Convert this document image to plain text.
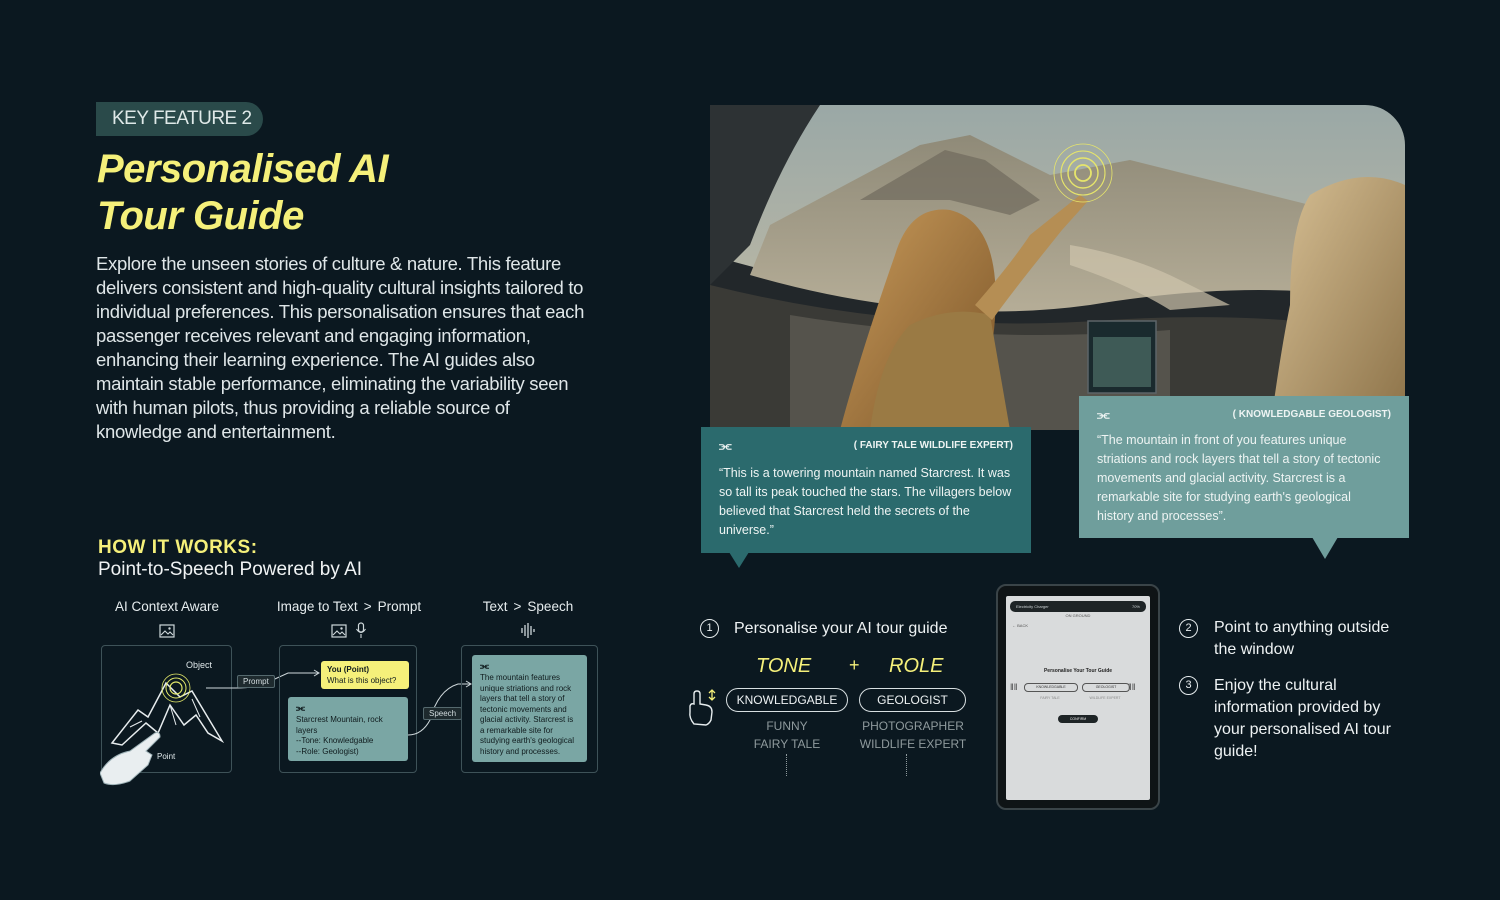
KEY FEATURE 2
Personalised AI
Tour Guide
Explore the unseen stories of culture & nature. This feature delivers consistent and high-quality cultural insights tailored to individual preferences. This personalisation ensures that each passenger receives relevant and engaging information, enhancing their learning experience. The AI guides also maintain stable performance, eliminating the variability seen with human pilots, thus providing a reliable source of knowledge and entertainment.
HOW IT WORKS:
Point-to-Speech Powered by AI
AI Context Aware	Image to Text > Prompt	Text > Speech
Object
Point
Prompt
You (Point)
What is this object?
⫘
Starcrest Mountain, rock layers
--Tone: Knowledgable
--Role: Geologist)
Speech
⫘
The mountain features unique striations and rock layers that tell a story of tectonic movements and glacial activity. Starcrest is a remarkable site for studying earth's geological history and processes.
⫘	( FAIRY TALE WILDLIFE EXPERT)
“This is a towering mountain named Starcrest. It was so tall its peak touched the stars. The villagers below believed that Starcrest held the secrets of the universe.”
⫘	( KNOWLEDGABLE GEOLOGIST)
“The mountain in front of you features unique striations and rock layers that tell a story of tectonic movements and glacial activity. Starcrest is a remarkable site for studying earth's geological history and processes”.
1	Personalise your AI tour guide
TONE + ROLE
KNOWLEDGABLE	GEOLOGIST
FUNNY
FAIRY TALE
PHOTOGRAPHER
WILDLIFE EXPERT
Electricity Charger	70%
ON GROUND
← BACK
Personalise Your Tour Guide
‖‖	‖‖
KNOWLEDGABLE	GEOLOGIST
FAIRY TALE	WILDLIFE EXPERT
CONFIRM
2	Point to anything outside the window
3	Enjoy the cultural information provided by your personalised AI tour guide!
